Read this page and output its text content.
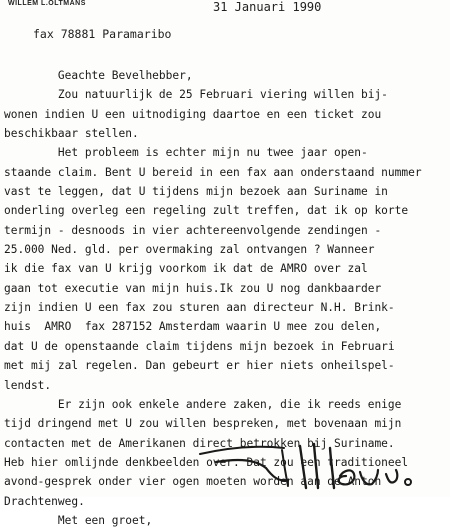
WILLEM L.OLTMANS	31 Januari 1990
fax 78881 Paramaribo
Geachte Bevelhebber,
Zou natuurlijk de 25 Februari viering willen bij-
wonen indien U een uitnodiging daartoe en een ticket zou
beschikbaar stellen.
Het probleem is echter mijn nu twee jaar open-
staande claim. Bent U bereid in een fax aan onderstaand nummer
vast te leggen, dat U tijdens mijn bezoek aan Suriname in
onderling overleg een regeling zult treffen, dat ik op korte
termijn - desnoods in vier achtereenvolgende zendingen -
25.000 Ned. gld. per overmaking zal ontvangen ? Wanneer
ik die fax van U krijg voorkom ik dat de AMRO over zal
gaan tot executie van mijn huis.Ik zou U nog dankbaarder
zijn indien U een fax zou sturen aan directeur N.H. Brink-
huis  AMRO  fax 287152 Amsterdam waarin U mee zou delen,
dat U de openstaande claim tijdens mijn bezoek in Februari
met mij zal regelen. Dan gebeurt er hier niets onheilspel-
lendst.
Er zijn ook enkele andere zaken, die ik reeds enige
tijd dringend met U zou willen bespreken, met bovenaan mijn
contacten met de Amerikanen direct betrokken bij Suriname.
Heb hier omlijnde denkbeelden over. Dat zou een traditioneel
avond-gesprek onder vier ogen moeten worden aan de Anton
Drachtenweg.
Met een groet,
